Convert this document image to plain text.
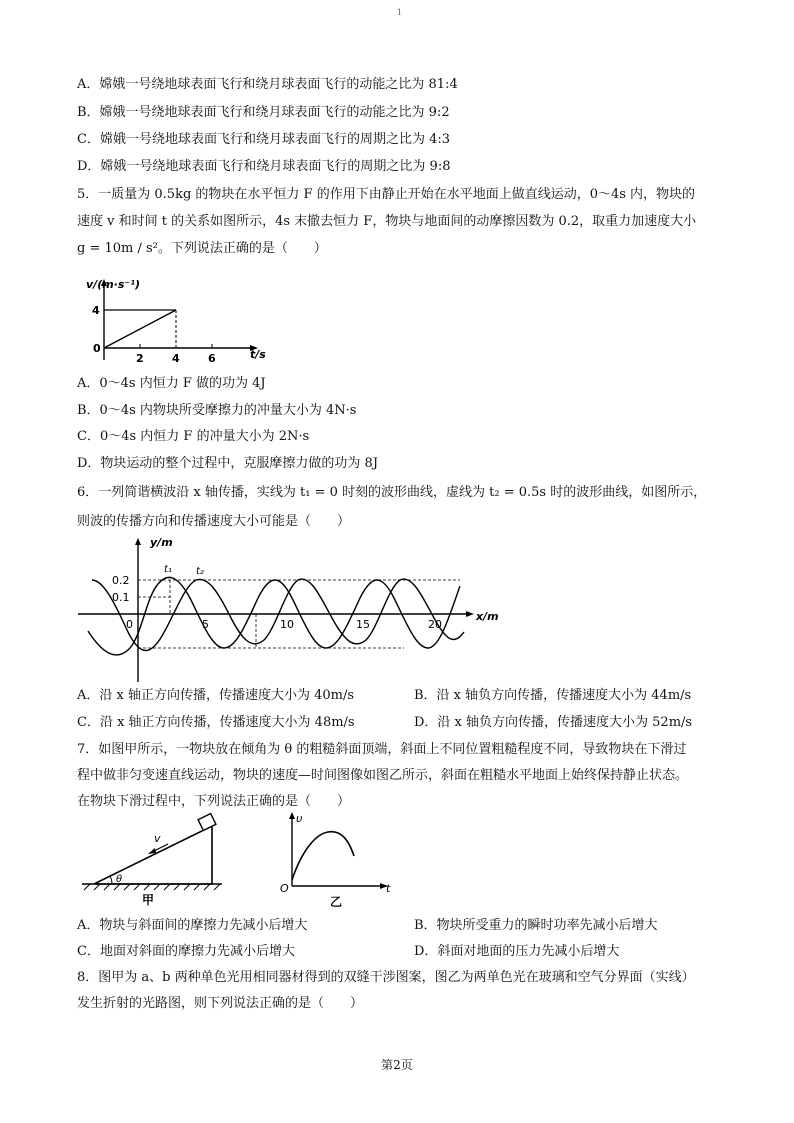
1
A．嫦娥一号绕地球表面飞行和绕月球表面飞行的动能之比为 81:4
B．嫦娥一号绕地球表面飞行和绕月球表面飞行的动能之比为 9:2
C．嫦娥一号绕地球表面飞行和绕月球表面飞行的周期之比为 4:3
D．嫦娥一号绕地球表面飞行和绕月球表面飞行的周期之比为 9:8
5．一质量为 0.5kg 的物块在水平恒力 F 的作用下由静止开始在水平地面上做直线运动，0～4s 内，物块的
速度 v 和时间 t 的关系如图所示，4s 末撤去恒力 F，物块与地面间的动摩擦因数为 0.2，取重力加速度大小
g = 10m / s²。下列说法正确的是（　　）
v/(m·s⁻¹)
4
0
2	4	6	t/s
A．0～4s 内恒力 F 做的功为 4J
B．0～4s 内物块所受摩擦力的冲量大小为 4N·s
C．0～4s 内恒力 F 的冲量大小为 2N·s
D．物块运动的整个过程中，克服摩擦力做的功为 8J
6．一列简谐横波沿 x 轴传播，实线为 t₁ = 0 时刻的波形曲线，虚线为 t₂ = 0.5s 时的波形曲线，如图所示，
则波的传播方向和传播速度大小可能是（　　）
y/m
t₁ t₂
0.2
0.1
0	5	10	15	20
x/m
A．沿 x 轴正方向传播，传播速度大小为 40m/s	B．沿 x 轴负方向传播，传播速度大小为 44m/s
C．沿 x 轴正方向传播，传播速度大小为 48m/s	D．沿 x 轴负方向传播，传播速度大小为 52m/s
7．如图甲所示，一物块放在倾角为 θ 的粗糙斜面顶端，斜面上不同位置粗糙程度不同，导致物块在下滑过
程中做非匀变速直线运动，物块的速度—时间图像如图乙所示，斜面在粗糙水平地面上始终保持静止状态。
在物块下滑过程中，下列说法正确的是（　　）
v
θ
甲
υ
O	t
乙
A．物块与斜面间的摩擦力先减小后增大	B．物块所受重力的瞬时功率先减小后增大
C．地面对斜面的摩擦力先减小后增大	D．斜面对地面的压力先减小后增大
8．图甲为 a、b 两种单色光用相同器材得到的双缝干涉图案，图乙为两单色光在玻璃和空气分界面（实线）
发生折射的光路图，则下列说法正确的是（　　）
第2页
